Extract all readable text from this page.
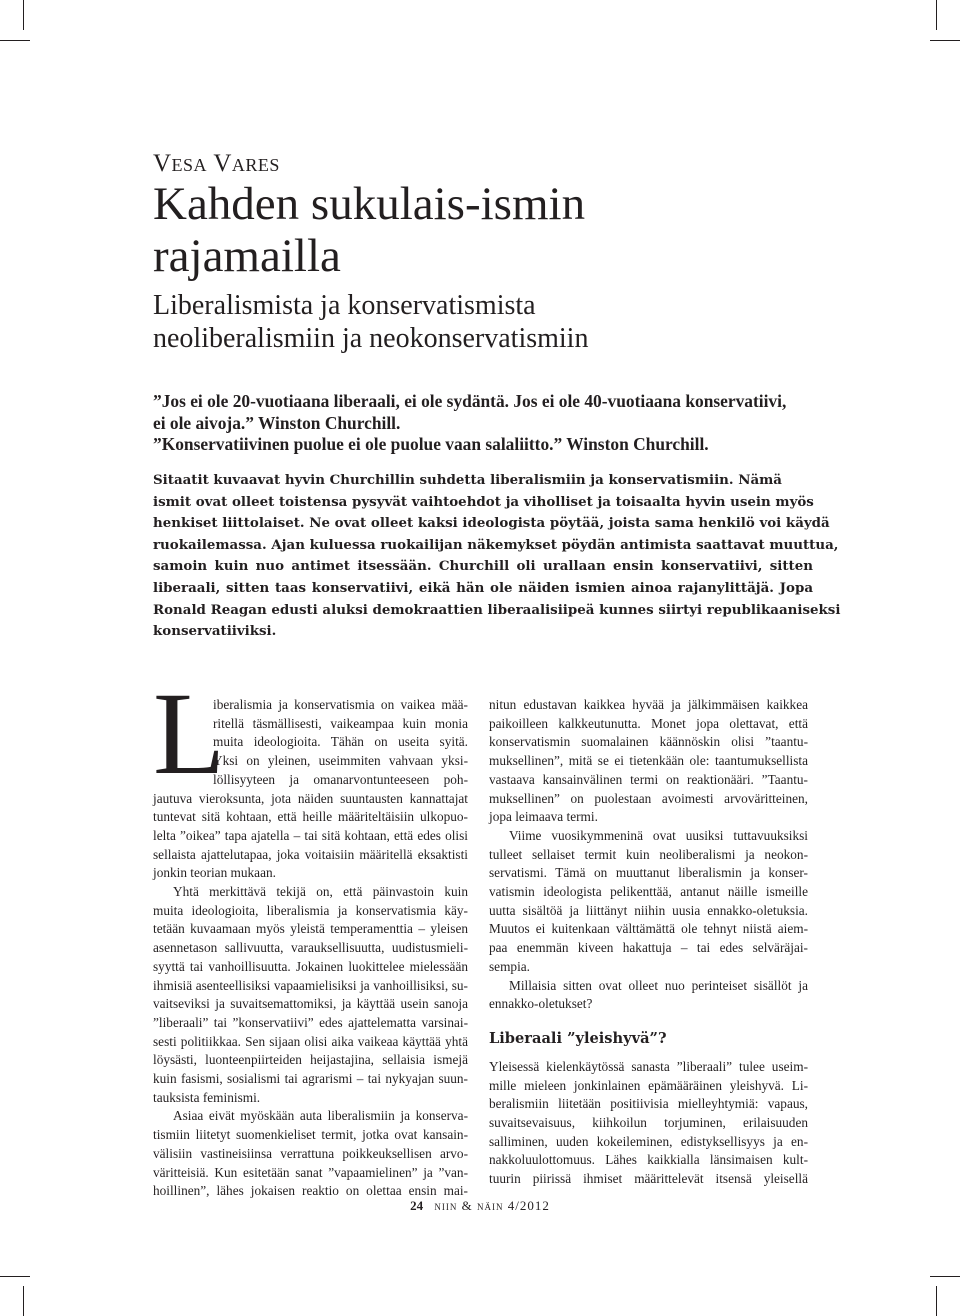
Vesa Vares
Kahden sukulais-ismin
rajamailla
Liberalismista ja konservatismista
neoliberalismiin ja neokonservatismiin
”Jos ei ole 20-vuotiaana liberaali, ei ole sydäntä. Jos ei ole 40-vuotiaana konservatiivi,
ei ole aivoja.” Winston Churchill.
”Konservatiivinen puolue ei ole puolue vaan salaliitto.” Winston Churchill.
Sitaatit kuvaavat hyvin Churchillin suhdetta liberalismiin ja konservatismiin. Nämä
ismit ovat olleet toistensa pysyvät vaihtoehdot ja viholliset ja toisaalta hyvin usein myös
henkiset liittolaiset. Ne ovat olleet kaksi ideologista pöytää, joista sama henkilö voi käydä
ruokailemassa. Ajan kuluessa ruokailijan näkemykset pöydän antimista saattavat muuttua,
samoin kuin nuo antimet itsessään. Churchill oli urallaan ensin konservatiivi, sitten
liberaali, sitten taas konservatiivi, eikä hän ole näiden ismien ainoa rajanylittäjä. Jopa
Ronald Reagan edusti aluksi demokraattien liberaalisiipeä kunnes siirtyi republikaaniseksi
konservatiiviksi.
L
iberalismia ja konservatismia on vaikea mää-
ritellä täsmällisesti, vaikeampaa kuin monia
muita ideologioita. Tähän on useita syitä.
Yksi on yleinen, useimmiten vahvaan yksi-
löllisyyteen ja omanarvontunteeseen poh-
jautuva vieroksunta, jota näiden suuntausten kannattajat
tuntevat sitä kohtaan, että heille määriteltäisiin ulkopuo-
lelta ”oikea” tapa ajatella – tai sitä kohtaan, että edes olisi
sellaista ajattelutapaa, joka voitaisiin määritellä eksaktisti
jonkin teorian mukaan.
Yhtä merkittävä tekijä on, että päinvastoin kuin
muita ideologioita, liberalismia ja konservatismia käy-
tetään kuvaamaan myös yleistä temperamenttia – yleisen
asennetason sallivuutta, varauksellisuutta, uudistusmieli-
syyttä tai vanhoillisuutta. Jokainen luokittelee mielessään
ihmisiä asenteellisiksi vapaamielisiksi ja vanhoillisiksi, su-
vaitseviksi ja suvaitsemattomiksi, ja käyttää usein sanoja
”liberaali” tai ”konservatiivi” edes ajattelematta varsinai-
sesti politiikkaa. Sen sijaan olisi aika vaikeaa käyttää yhtä
löysästi, luonteenpiirteiden heijastajina, sellaisia ismejä
kuin fasismi, sosialismi tai agrarismi – tai nykyajan suun-
tauksista feminismi.
Asiaa eivät myöskään auta liberalismiin ja konserva-
tismiin liitetyt suomenkieliset termit, jotka ovat kansain-
välisiin vastineisiinsa verrattuna poikkeuksellisen arvo-
väritteisiä. Kun esitetään sanat ”vapaamielinen” ja ”van-
hoillinen”, lähes jokaisen reaktio on olettaa ensin mai-
nitun edustavan kaikkea hyvää ja jälkimmäisen kaikkea
paikoilleen kalkkeutunutta. Monet jopa olettavat, että
konservatismin suomalainen käännöskin olisi ”taantu-
muksellinen”, mitä se ei tietenkään ole: taantumuksellista
vastaava kansainvälinen termi on reaktionääri. ”Taantu-
muksellinen” on puolestaan avoimesti arvoväritteinen,
jopa leimaava termi.
Viime vuosikymmeninä ovat uusiksi tuttavuuksiksi
tulleet sellaiset termit kuin neoliberalismi ja neokon-
servatismi. Tämä on muuttanut liberalismin ja konser-
vatismin ideologista pelikenttää, antanut näille ismeille
uutta sisältöä ja liittänyt niihin uusia ennakko-oletuksia.
Muutos ei kuitenkaan välttämättä ole tehnyt niistä aiem-
paa enemmän kiveen hakattuja – tai edes selväräjai-
sempia.
Millaisia sitten ovat olleet nuo perinteiset sisällöt ja
ennakko-oletukset?
Liberaali ”yleishyvä”?
Yleisessä kielenkäytössä sanasta ”liberaali” tulee useim-
mille mieleen jonkinlainen epämääräinen yleishyvä. Li-
beralismiin liitetään positiivisia mielleyhtymiä: vapaus,
suvaitsevaisuus, kiihkoilun torjuminen, erilaisuuden
salliminen, uuden kokeileminen, edistyksellisyys ja en-
nakkoluulottomuus. Lähes kaikkialla länsimaisen kult-
tuurin piirissä ihmiset määrittelevät itsensä yleisellä
24 niin & näin 4/2012
